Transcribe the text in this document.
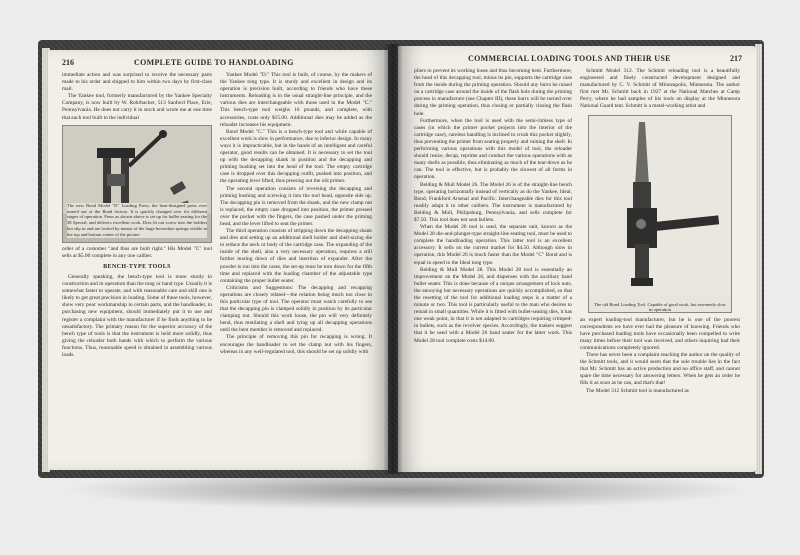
216	COMPLETE GUIDE TO HANDLOADING

immediate action and was surprised to receive the necessary parts made to his order and shipped to him within two days by first-class mail.

The Yankee tool, formerly manufactured by the Yankee Specialty Company, is now built by W. Rohrbacher, 513 Sanford Place, Erie, Pennsylvania. He does not carry it in stock and wrote me at one time that each tool built to the individual

The new Bond Model "D" Loading Press, the bent-designed press ever turned out of the Bond factory. It is quickly changed over for different stages of operation. Press as shown above is set up for bullet seating for the 38 Special, and delivers excellent work. Dies fit our screw into the holders but slip in and are locked by means of the large horseshoe springs visible in the top and bottom center of the picture

order of a customer "and thus are built right." His Model "C" tool sells at $5.00 complete in any one caliber.

BENCH-TYPE TOOLS

Generally speaking, the bench-type tool is more sturdy in construction and in operation than the tong or hand type. Usually it is somewhat faster to operate, and with reasonable care and skill one is likely to get great precision in loading. Some of these tools, however, show very poor workmanship in certain parts, and the handloader, in purchasing new equipment, should immediately put it to use and register a complaint with the manufacturer if he finds anything to be unsatisfactory. The primary reason for the superior accuracy of the bench type of tools is that the instrument is held more solidly, thus giving the reloader both hands with which to perform the various functions. Thus, reasonable speed is obtained in assembling various loads.

Yankee Model "D." This tool is built, of course, by the makers of the Yankee tong type. It is sturdy and excellent in design and its operation is precision built, according to friends who have these instruments. Reloading is in the usual straight-line principle, and the various dies are interchangeable with those used in the Model "C." This bench-type tool weighs 16 pounds, and complete, with accessories, costs only $15.00. Additional dies may be added as the reloader increases his equipment.

Bond Model "C." This is a bench-type tool and while capable of excellent work is slow in performance, due to inferior design. In many ways it is impracticable, but in the hands of an intelligent and careful operator, good results can be obtained. It is necessary to set the tool up with the decapping shank in position and the decapping and priming bushing set into the head of the tool. The empty cartridge case is dropped over this decapping outfit, pushed into position, and the operating lever lifted, thus pressing out the old primer.

The second operation consists of reversing the decapping and priming bushing and screwing it into the tool head, opposite side up. The decapping pin is removed from the shank, and the new clamp nut is replaced, the empty case dropped into position, the primer pressed over the pocket with the fingers, the case pushed under the priming head, and the lever lifted to seat the primer.

The third operation consists of stripping down the decapping shank and dies and setting up an additional shell holder and shell-sizing die to reduce the neck or body of the cartridge case. The expanding of the inside of the shell, also a very necessary operation, requires a still further tearing down of dies and insertion of expander. After the powder is run into the cases, the set-up must be torn down for the fifth time and replaced with the loading chamber of the adjustable type containing the proper bullet seater.

Criticisms and Suggestions: The decapping and recapping operations are closely related—the relation being much too close in this particular type of tool. The operator must watch carefully to see that the decapping pin is clamped solidly in position by its particular clamping nut. Should this work loose, the pin will very definitely bend, thus mutilating a shell and tying up all decapping operations until the bent member is removed and replaced.

The principle of removing this pin for recapping is wrong. It encourages the handloader to set the clamp nut with his fingers, whereas in any well-regulated tool, this should be set up solidly with

COMMERCIAL LOADING TOOLS AND THEIR USE	217

pliers to prevent its working loose and thus becoming bent. Furthermore, the head of this decapping tool, minus its pin, supports the cartridge case from the inside during the priming operation. Should any burrs be raised on a cartridge case around the inside of the flash hole during the priming process in manufacture (see Chapter III), these burrs will be turned over during the priming operation, thus closing or partially closing the flash hole.

Furthermore, when the tool is used with the semi-rimless type of cases (in which the primer pocket projects into the interior of the cartridge case), careless handling is inclined to crush this pocket slightly, thus preventing the primer from seating properly and ruining the shell. In performing various operations with this model of tool, the reloader should resize, decap, reprime and conduct the various operations with as many shells as possible, thus eliminating as much of the tear-down as he can. The tool is effective, but is probably the slowest of all forms in operation.

Belding & Mull Model 26. The Model 26 is of the straight-line bench type, operating horizontally instead of vertically as do the Yankee, Ideal, Bond, Frankford Arsenal and Pacific. Interchangeable dies for this tool readily adapt it to other calibers. The instrument is manufactured by Belding & Mull, Philipsburg, Pennsylvania, and sells complete for $7.50. This tool does not seat bullets.

When the Model 26 tool is used, the separate unit, known as the Model 28 die-and-plunger-type straight-line seating tool, must be used to complete the handloading operation. This latter tool is an excellent accessory. It sells on the current market for $4.50. Although slow in operation, this Model 26 is much faster than the Model "C" Bond and is equal in speed to the Ideal tong type.

Belding & Mull Model 28. This Model 28 tool is essentially an improvement on the Model 26, and dispenses with the auxiliary hand bullet seater. This is done because of a unique arrangement of lock nuts, the annoying but necessary operations are quickly accomplished, so that the resetting of the tool for additional loading steps is a matter of a minute or two. This tool is particularly useful to the man who desires to reload in small quantities. While it is fitted with bullet-seating dies, it has one weak point, in that it is not adapted to cartridges requiring crimped-in bullets, such as the revolver species. Accordingly, the makers suggest that it be used with a Model 26 hand seater for the latter work. This Model 28 tool complete costs $14.00.

Schmitt Model 312. The Schmitt reloading tool is a beautifully engineered and finely constructed development designed and manufactured by C. V. Schmitt of Minneapolis, Minnesota. The author first met Mr. Schmitt back in 1927 at the National Matches at Camp Perry, where he had samples of his tools on display at the Minnesota National Guard tent. Schmitt is a metal-working artist and

The old Bond Loading Tool. Capable of good work, but extremely slow in operation

an expert loading-tool manufacturer, but he is one of the poorest correspondents we have ever had the pleasure of knowing. Friends who have purchased loading tools have occasionally been compelled to write many times before their tool was received, and others inquiring had their communications completely ignored.

There has never been a complaint reaching the author on the quality of the Schmitt tools, and it would seem that the sole trouble lies in the fact that Mr. Schmitt has an active production and no office staff, and cannot spare the time necessary for answering letters. When he gets an order he fills it as soon as he can, and that's that!

The Model 312 Schmitt tool is manufactured as
